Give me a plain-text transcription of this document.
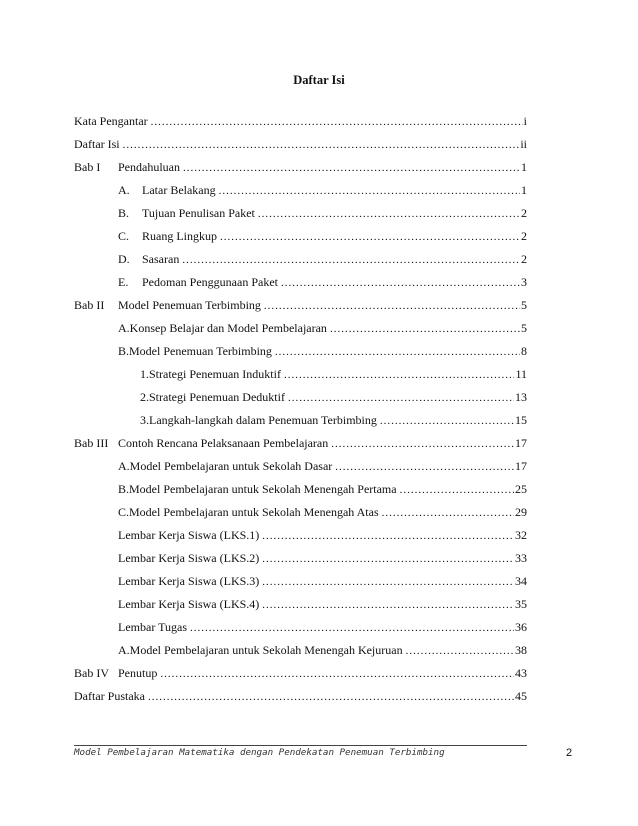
Daftar Isi
Kata Pengantar .....	i
Daftar Isi .....	ii
Bab I	Pendahuluan .....	1
A. Latar Belakang .....	1
B. Tujuan Penulisan Paket .....	2
C. Ruang Lingkup .....	2
D. Sasaran .....	2
E. Pedoman Penggunaan Paket .....	3
Bab II	Model Penemuan Terbimbing .....	5
A.Konsep Belajar dan Model Pembelajaran .....	5
B.Model Penemuan Terbimbing .....	8
1.Strategi Penemuan Induktif .....	11
2.Strategi Penemuan Deduktif .....	13
3.Langkah-langkah dalam Penemuan Terbimbing .....	15
Bab III Contoh Rencana Pelaksanaan Pembelajaran .....	17
A.Model Pembelajaran untuk Sekolah Dasar .....	17
B.Model Pembelajaran untuk Sekolah Menengah Pertama .....	25
C.Model Pembelajaran untuk Sekolah Menengah Atas .....	29
Lembar Kerja Siswa (LKS.1) .....	32
Lembar Kerja Siswa (LKS.2) .....	33
Lembar Kerja Siswa (LKS.3) .....	34
Lembar Kerja Siswa (LKS.4) .....	35
Lembar Tugas .....	36
A.Model Pembelajaran untuk Sekolah Menengah Kejuruan .....	38
Bab IV Penutup .....	43
Daftar Pustaka .....	45
Model Pembelajaran Matematika dengan Pendekatan Penemuan Terbimbing	2
